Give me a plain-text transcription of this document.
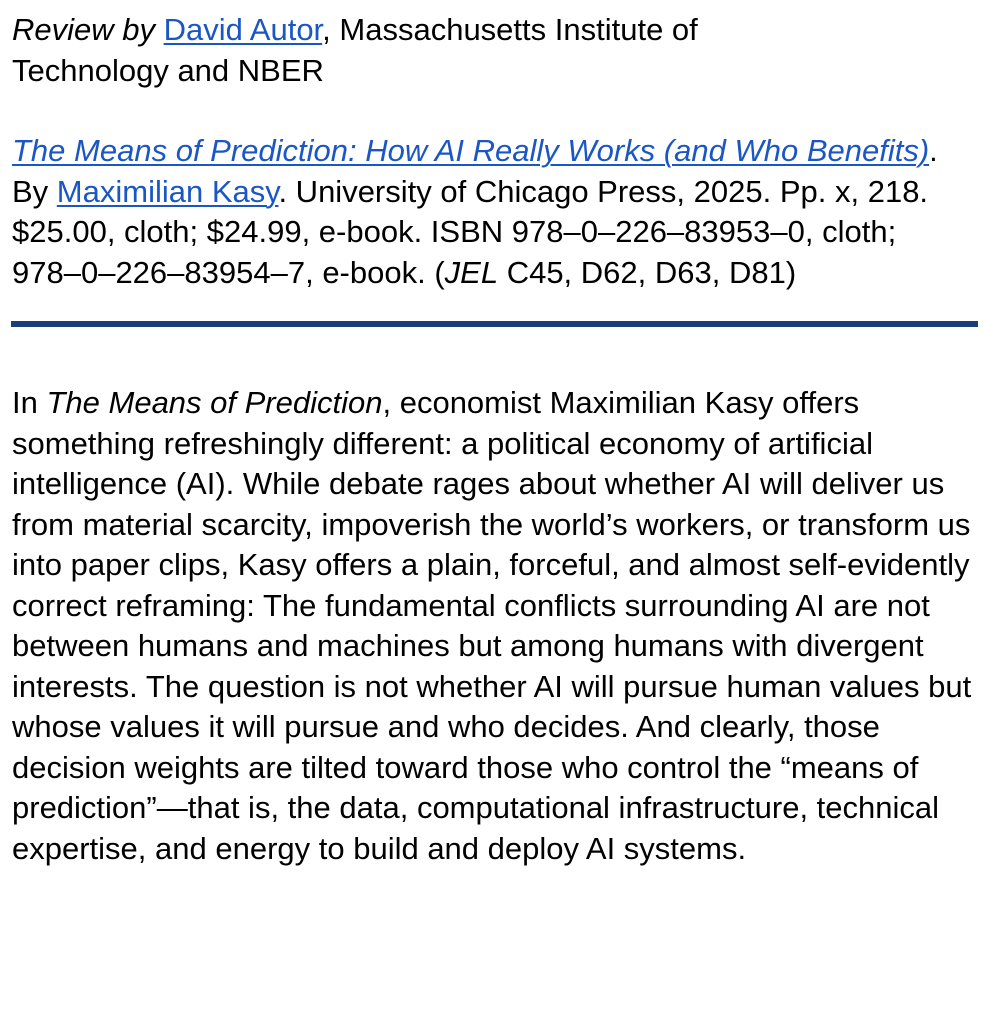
Review by David Autor, Massachusetts Institute of
Technology and NBER

The Means of Prediction: How AI Really Works (and Who Benefits). By Maximilian Kasy. University of Chicago Press, 2025. Pp. x, 218. $25.00, cloth; $24.99, e-book. ISBN 978–0–226–83953–0, cloth; 978–0–226–83954–7, e-book. (JEL C45, D62, D63, D81)

In The Means of Prediction, economist Maximilian Kasy offers something refreshingly different: a political economy of artificial intelligence (AI). While debate rages about whether AI will deliver us from material scarcity, impoverish the world’s workers, or transform us into paper clips, Kasy offers a plain, forceful, and almost self-evidently correct reframing: The fundamental conflicts surrounding AI are not between humans and machines but among humans with divergent interests. The question is not whether AI will pursue human values but whose values it will pursue and who decides. And clearly, those decision weights are tilted toward those who control the “means of prediction”—that is, the data, computational infrastructure, technical expertise, and energy to build and deploy AI systems.
